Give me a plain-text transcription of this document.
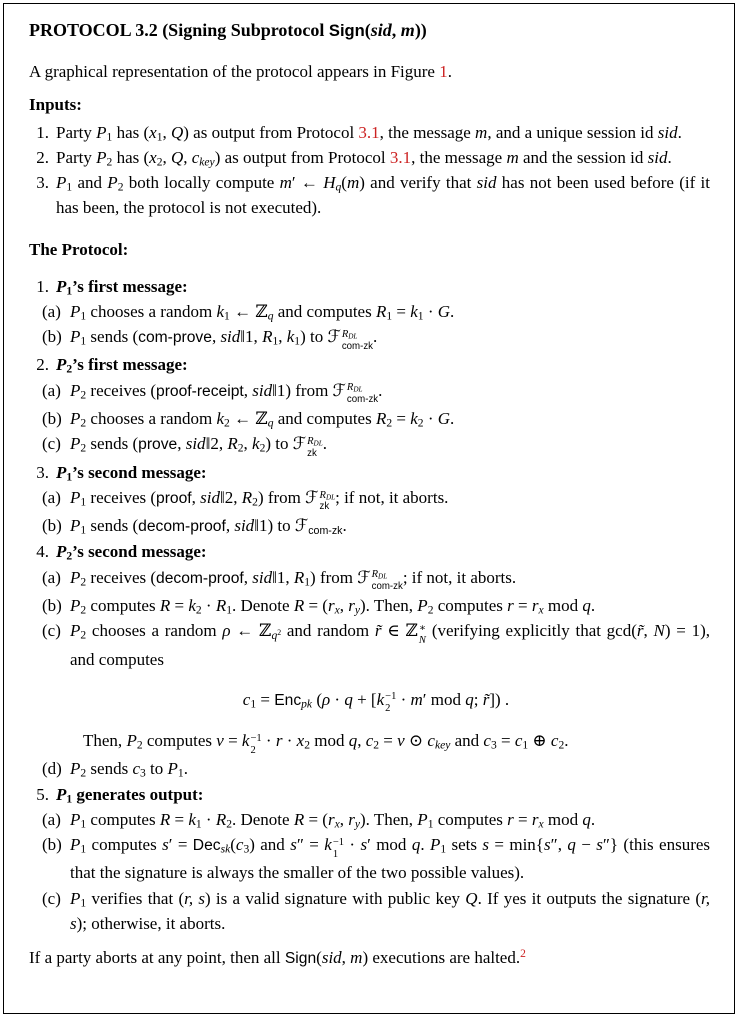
PROTOCOL 3.2 (Signing Subprotocol Sign(sid, m))

A graphical representation of the protocol appears in Figure 1.

Inputs:
1. Party P1 has (x1, Q) as output from Protocol 3.1, the message m, and a unique session id sid.
2. Party P2 has (x2, Q, ckey) as output from Protocol 3.1, the message m and the session id sid.
3. P1 and P2 both locally compute m′ ← Hq(m) and verify that sid has not been used before (if it has been, the protocol is not executed).
The Protocol:
1. P1’s first message:
(a) P1 chooses a random k1 ← ℤq and computes R1 = k1 · G.
(b) P1 sends (com-prove, sid‖1, R1, k1) to ℱ RDL
com-zk
.
2. P2’s first message:
(a) P2 receives (proof-receipt, sid‖1) from ℱ RDL
com-zk
.
(b) P2 chooses a random k2 ← ℤq and computes R2 = k2 · G.
(c) P2 sends (prove, sid‖2, R2, k2) to ℱ RDL
zk
.
3. P1’s second message:
(a) P1 receives (proof, sid‖2, R2) from ℱ RDL
zk
; if not, it aborts.
(b) P1 sends (decom-proof, sid‖1) to ℱcom-zk.
4. P2’s second message:
(a) P2 receives (decom-proof, sid‖1, R1) from ℱ RDL
com-zk
; if not, it aborts.
(b) P2 computes R = k2 · R1. Denote R = (rx, ry). Then, P2 computes r = rx mod q.
(c) P2 chooses a random ρ ← ℤq$^2$ and random r̃ ∈ ℤ ∗
N
(verifying explicitly that gcd(r̃, N) = 1), and computes
c1 = Encpk (ρ · q + [k −1
2
· m′ mod q; r̃]) .
Then, P2 computes v = k −1
2
· r · x2 mod q, c2 = v ⊙ ckey and c3 = c1 ⊕ c2.
(d) P2 sends c3 to P1.
5. P1 generates output:
(a) P1 computes R = k1 · R2. Denote R = (rx, ry). Then, P1 computes r = rx mod q.
(b) P1 computes s′ = Decsk(c3) and s″ = k −1
1
· s′ mod q. P1 sets s = min{s″, q − s″} (this ensures that the signature is always the smaller of the two possible values).
(c) P1 verifies that (r, s) is a valid signature with public key Q. If yes it outputs the signature (r, s); otherwise, it aborts.

If a party aborts at any point, then all Sign(sid, m) executions are halted.$^2$
